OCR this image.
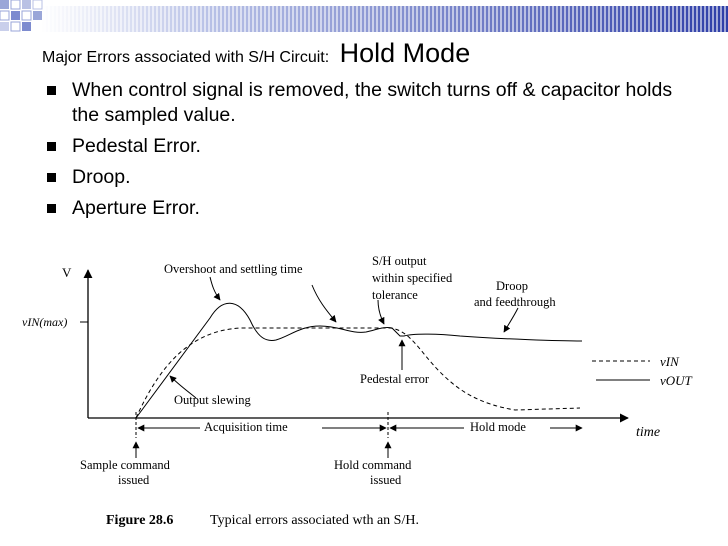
Major Errors associated with S/H Circuit: Hold Mode
When control signal is removed, the switch turns off & capacitor holds the sampled value.
Pedestal Error.
Droop.
Aperture Error.
V
vIN(max)
time
Overshoot and settling time
S/H output
within specified
tolerance
Droop
and feedthrough
Pedestal error
Output slewing
Acquisition time	Hold mode
Sample command
issued
Hold command
issued
vIN
vOUT
Figure 28.6	Typical errors associated wth an S/H.
